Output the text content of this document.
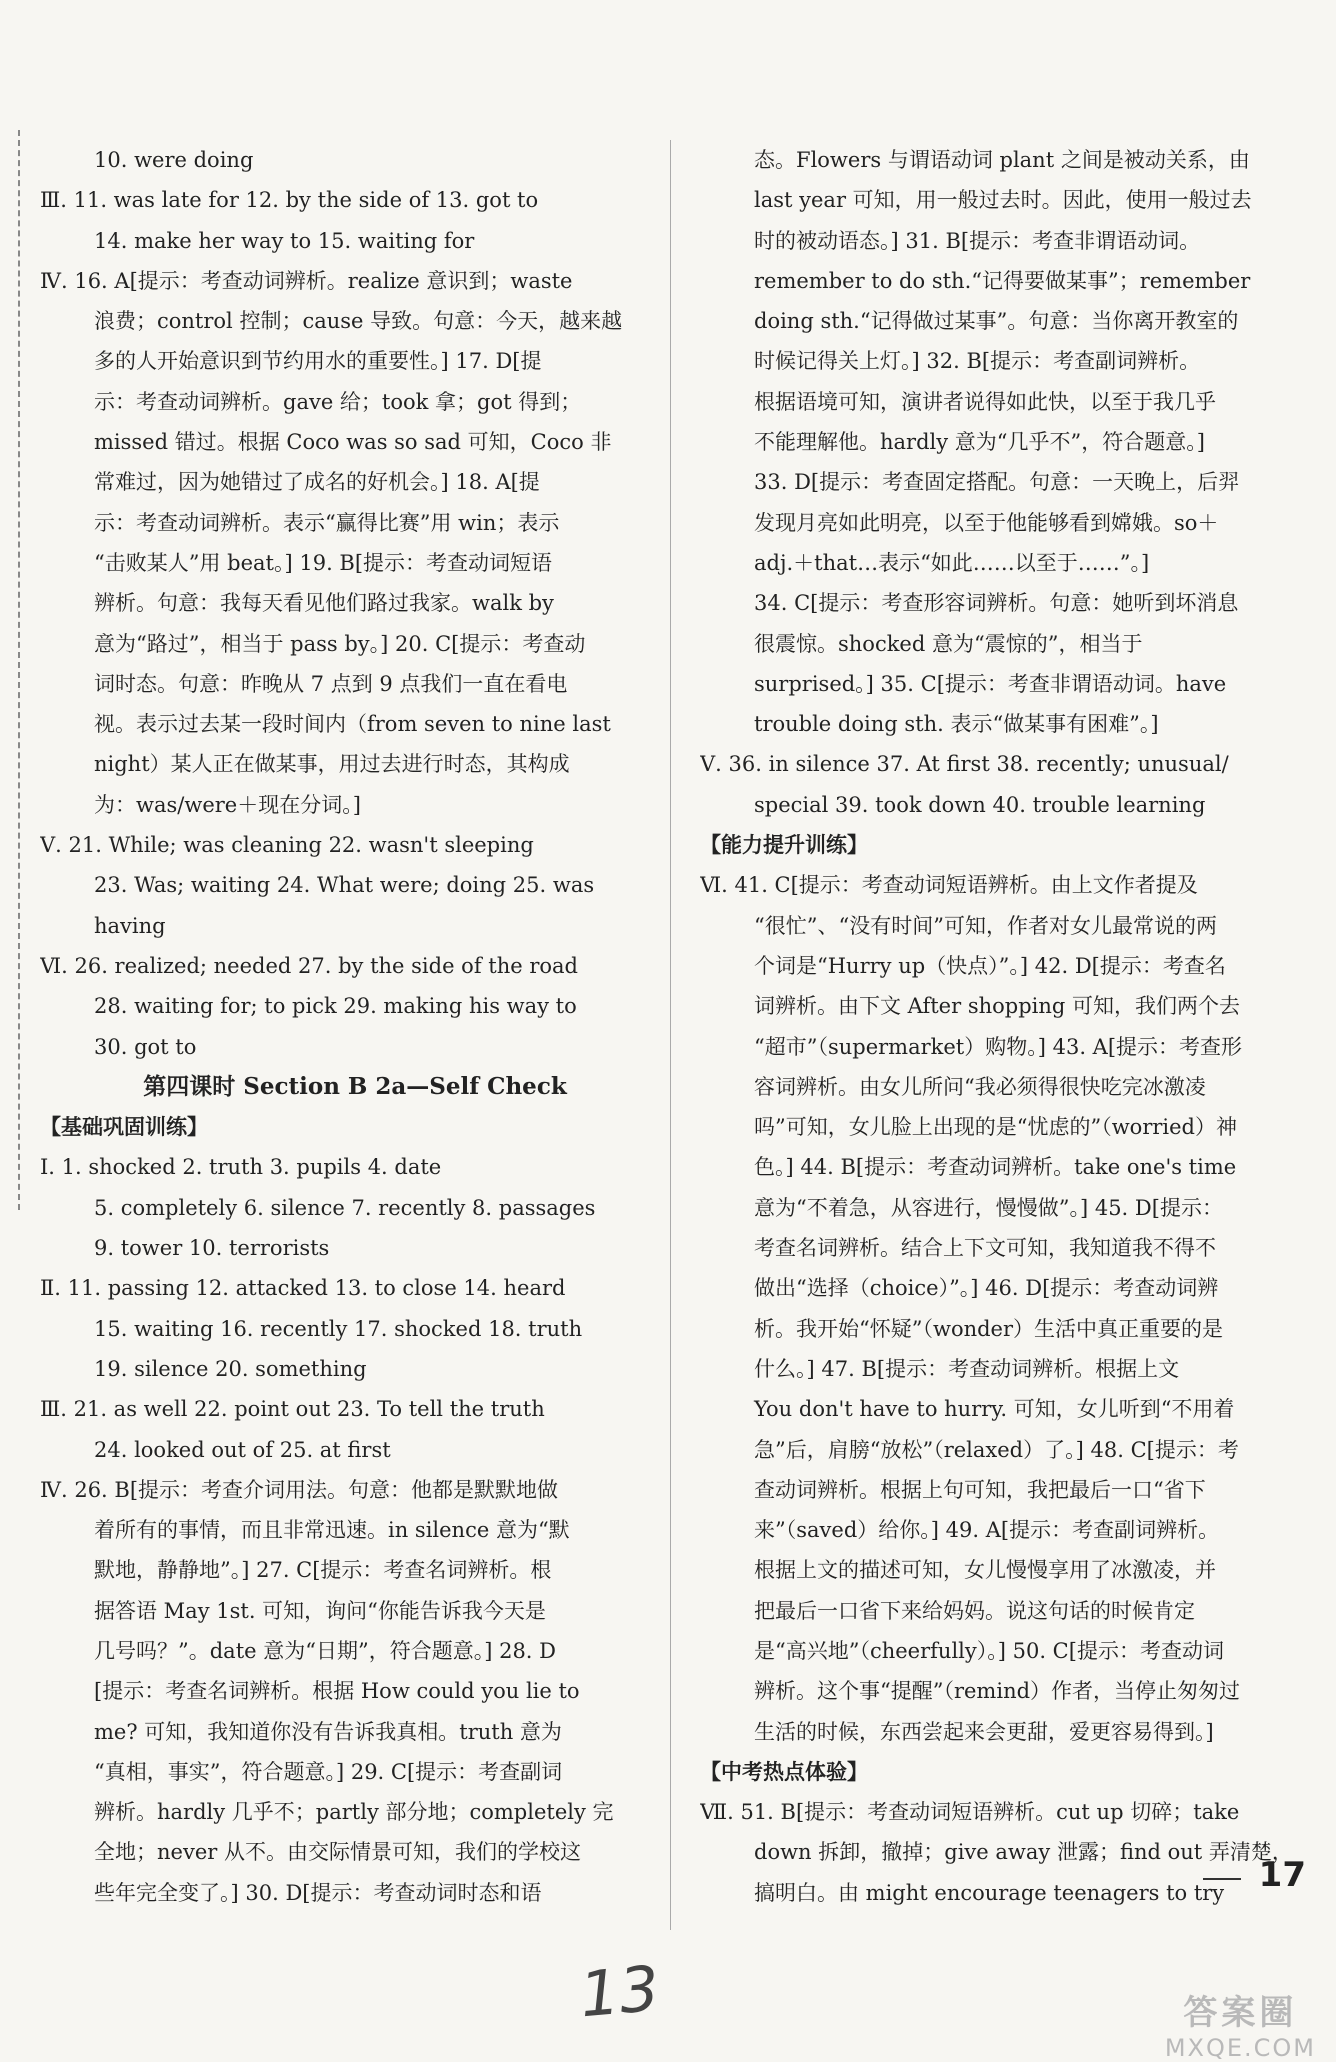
10. were doing
Ⅲ. 11. was late for 12. by the side of 13. got to
14. make her way to 15. waiting for
Ⅳ. 16. A[提示：考查动词辨析。realize 意识到；waste
浪费；control 控制；cause 导致。句意：今天，越来越
多的人开始意识到节约用水的重要性。] 17. D[提
示：考查动词辨析。gave 给；took 拿；got 得到；
missed 错过。根据 Coco was so sad 可知，Coco 非
常难过，因为她错过了成名的好机会。] 18. A[提
示：考查动词辨析。表示“赢得比赛”用 win；表示
“击败某人”用 beat。] 19. B[提示：考查动词短语
辨析。句意：我每天看见他们路过我家。walk by
意为“路过”，相当于 pass by。] 20. C[提示：考查动
词时态。句意：昨晚从 7 点到 9 点我们一直在看电
视。表示过去某一段时间内（from seven to nine last
night）某人正在做某事，用过去进行时态，其构成
为：was/were＋现在分词。]
Ⅴ. 21. While; was cleaning 22. wasn't sleeping
23. Was; waiting 24. What were; doing 25. was
having
Ⅵ. 26. realized; needed 27. by the side of the road
28. waiting for; to pick 29. making his way to
30. got to
第四课时 Section B 2a—Self Check
【基础巩固训练】
Ⅰ. 1. shocked 2. truth 3. pupils 4. date
5. completely 6. silence 7. recently 8. passages
9. tower 10. terrorists
Ⅱ. 11. passing 12. attacked 13. to close 14. heard
15. waiting 16. recently 17. shocked 18. truth
19. silence 20. something
Ⅲ. 21. as well 22. point out 23. To tell the truth
24. looked out of 25. at first
Ⅳ. 26. B[提示：考查介词用法。句意：他都是默默地做
着所有的事情，而且非常迅速。in silence 意为“默
默地，静静地”。] 27. C[提示：考查名词辨析。根
据答语 May 1st. 可知，询问“你能告诉我今天是
几号吗？”。date 意为“日期”，符合题意。] 28. D
[提示：考查名词辨析。根据 How could you lie to
me? 可知，我知道你没有告诉我真相。truth 意为
“真相，事实”，符合题意。] 29. C[提示：考查副词
辨析。hardly 几乎不；partly 部分地；completely 完
全地；never 从不。由交际情景可知，我们的学校这
些年完全变了。] 30. D[提示：考查动词时态和语
态。Flowers 与谓语动词 plant 之间是被动关系，由
last year 可知，用一般过去时。因此，使用一般过去
时的被动语态。] 31. B[提示：考查非谓语动词。
remember to do sth.“记得要做某事”；remember
doing sth.“记得做过某事”。句意：当你离开教室的
时候记得关上灯。] 32. B[提示：考查副词辨析。
根据语境可知，演讲者说得如此快，以至于我几乎
不能理解他。hardly 意为“几乎不”，符合题意。]
33. D[提示：考查固定搭配。句意：一天晚上，后羿
发现月亮如此明亮，以至于他能够看到嫦娥。so＋
adj.＋that…表示“如此……以至于……”。]
34. C[提示：考查形容词辨析。句意：她听到坏消息
很震惊。shocked 意为“震惊的”，相当于
surprised。] 35. C[提示：考查非谓语动词。have
trouble doing sth. 表示“做某事有困难”。]
Ⅴ. 36. in silence 37. At first 38. recently; unusual/
special 39. took down 40. trouble learning
【能力提升训练】
Ⅵ. 41. C[提示：考查动词短语辨析。由上文作者提及
“很忙”、“没有时间”可知，作者对女儿最常说的两
个词是“Hurry up（快点）”。] 42. D[提示：考查名
词辨析。由下文 After shopping 可知，我们两个去
“超市”（supermarket）购物。] 43. A[提示：考查形
容词辨析。由女儿所问“我必须得很快吃完冰激凌
吗”可知，女儿脸上出现的是“忧虑的”（worried）神
色。] 44. B[提示：考查动词辨析。take one's time
意为“不着急，从容进行，慢慢做”。] 45. D[提示：
考查名词辨析。结合上下文可知，我知道我不得不
做出“选择（choice）”。] 46. D[提示：考查动词辨
析。我开始“怀疑”（wonder）生活中真正重要的是
什么。] 47. B[提示：考查动词辨析。根据上文
You don't have to hurry. 可知，女儿听到“不用着
急”后，肩膀“放松”（relaxed）了。] 48. C[提示：考
查动词辨析。根据上句可知，我把最后一口“省下
来”（saved）给你。] 49. A[提示：考查副词辨析。
根据上文的描述可知，女儿慢慢享用了冰激凌，并
把最后一口省下来给妈妈。说这句话的时候肯定
是“高兴地”（cheerfully）。] 50. C[提示：考查动词
辨析。这个事“提醒”（remind）作者，当停止匆匆过
生活的时候，东西尝起来会更甜，爱更容易得到。]
【中考热点体验】
Ⅶ. 51. B[提示：考查动词短语辨析。cut up 切碎；take
down 拆卸，撤掉；give away 泄露；find out 弄清楚，
搞明白。由 might encourage teenagers to try	17
13	答案圈
MXQE.COM
